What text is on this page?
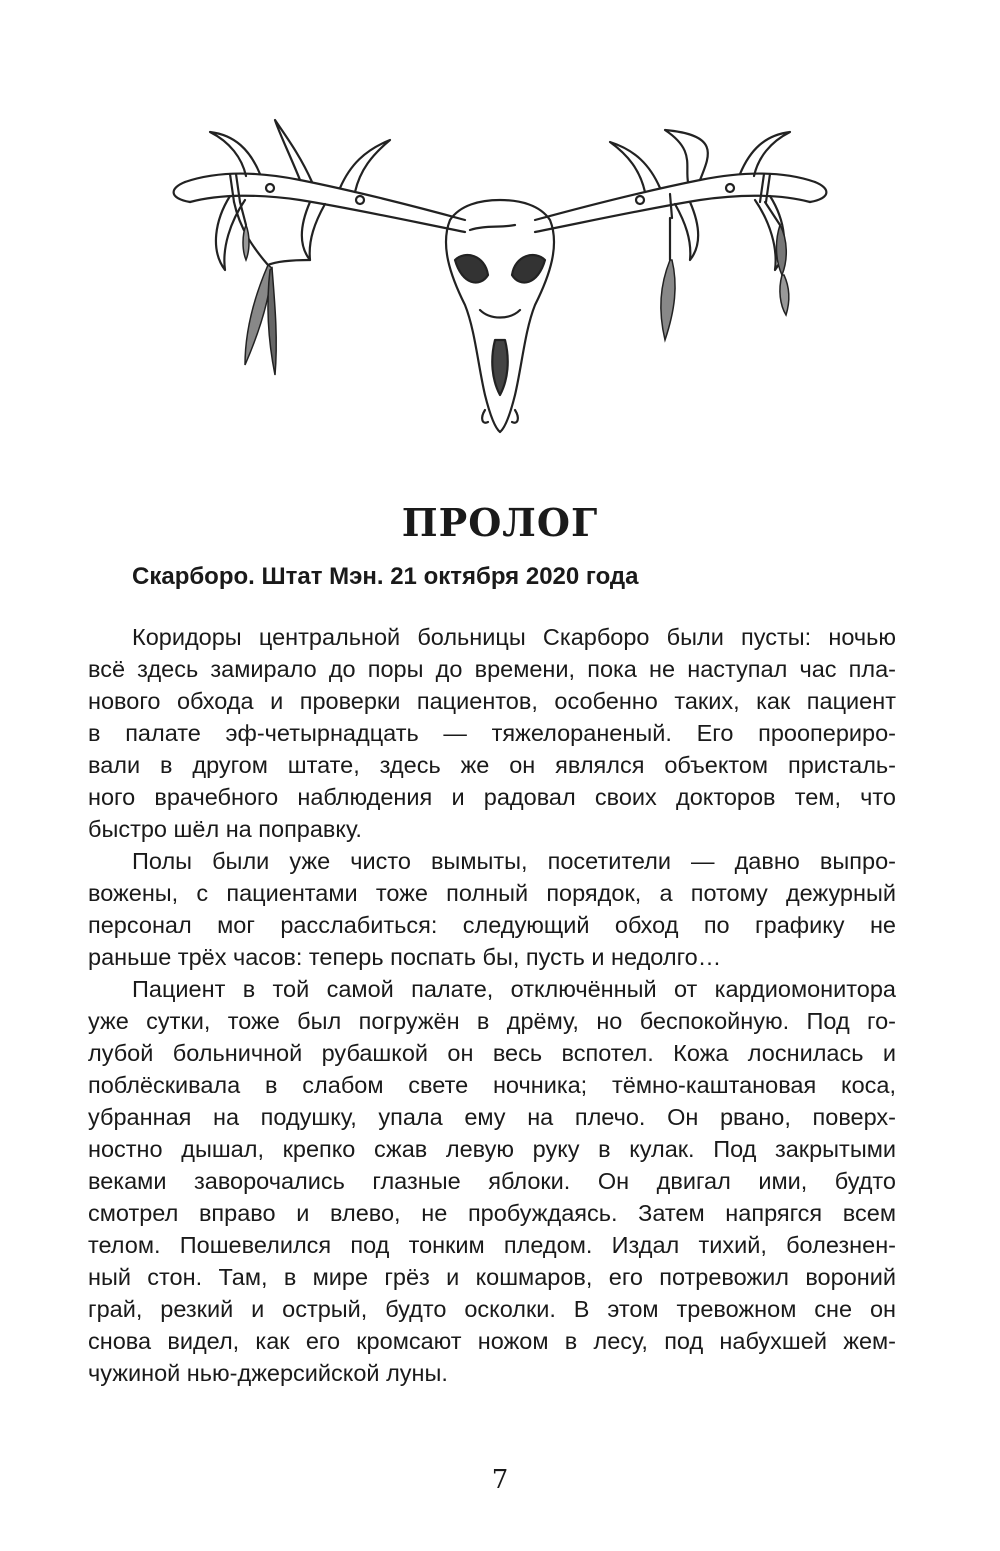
ПРОЛОГ
Скарборо. Штат Мэн. 21 октября 2020 года
Коридоры центральной больницы Скарборо были пусты: ночью
всё здесь замирало до поры до времени, пока не наступал час пла-
нового обхода и проверки пациентов, особенно таких, как пациент
в палате эф-четырнадцать — тяжелораненый. Его проопериро-
вали в другом штате, здесь же он являлся объектом присталь-
ного врачебного наблюдения и радовал своих докторов тем, что
быстро шёл на поправку.
Полы были уже чисто вымыты, посетители — давно выпро-
вожены, с пациентами тоже полный порядок, а потому дежурный
персонал мог расслабиться: следующий обход по графику не
раньше трёх часов: теперь поспать бы, пусть и недолго…
Пациент в той самой палате, отключённый от кардиомонитора
уже сутки, тоже был погружён в дрёму, но беспокойную. Под го-
лубой больничной рубашкой он весь вспотел. Кожа лоснилась и
поблёскивала в слабом свете ночника; тёмно-каштановая коса,
убранная на подушку, упала ему на плечо. Он рвано, поверх-
ностно дышал, крепко сжав левую руку в кулак. Под закрытыми
веками заворочались глазные яблоки. Он двигал ими, будто
смотрел вправо и влево, не пробуждаясь. Затем напрягся всем
телом. Пошевелился под тонким пледом. Издал тихий, болезнен-
ный стон. Там, в мире грёз и кошмаров, его потревожил вороний
грай, резкий и острый, будто осколки. В этом тревожном сне он
снова видел, как его кромсают ножом в лесу, под набухшей жем-
чужиной нью-джерсийской луны.
7
